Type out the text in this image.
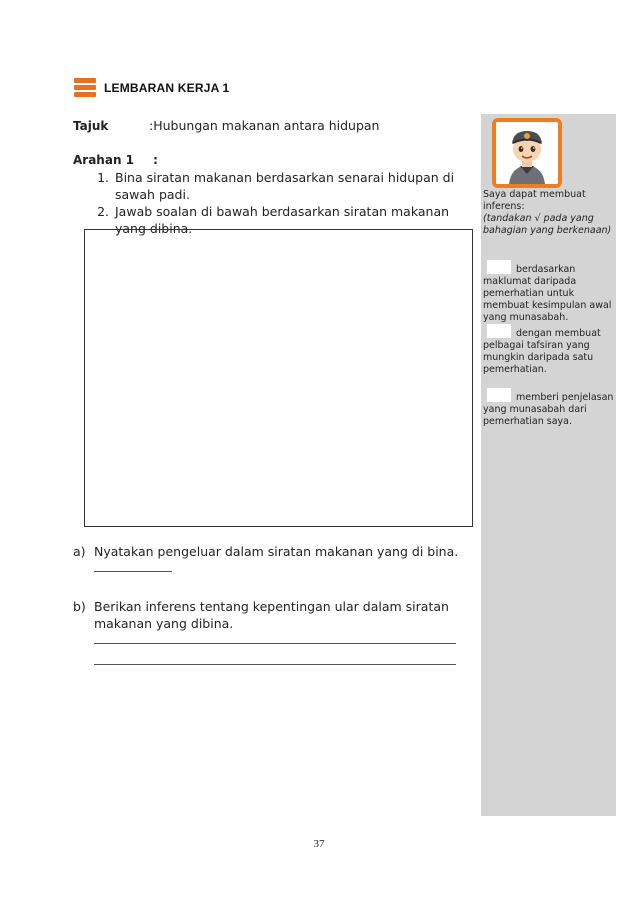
LEMBARAN KERJA 1
Tajuk	:Hubungan makanan antara hidupan
Arahan 1 :
1. Bina siratan makanan berdasarkan senarai hidupan di sawah padi.
2. Jawab soalan di bawah berdasarkan siratan makanan yang dibina.
a) Nyatakan pengeluar dalam siratan makanan yang di bina.
b) Berikan inferens tentang kepentingan ular dalam siratan makanan yang dibina.
Saya dapat membuat inferens:
(tandakan √ pada yang bahagian yang berkenaan)
berdasarkan maklumat daripada pemerhatian untuk membuat kesimpulan awal yang munasabah.
dengan membuat pelbagai tafsiran yang mungkin daripada satu pemerhatian.
memberi penjelasan yang munasabah dari pemerhatian saya.
37
